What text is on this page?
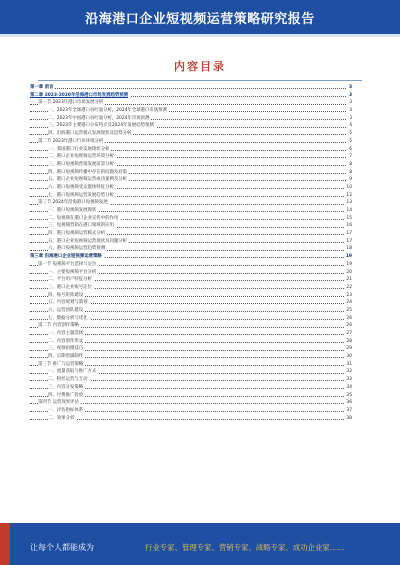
沿海港口企业短视频运营策略研究报告
内容目录
第一章 前言	3
第二章 2023-2028年沿海港口市场发展趋势预测	3
第一节 2023年港口市场发展分析	3
一、2023年全球港口吞吐量分析，2024年全球港口市场预测	3
二、2023年中国港口吞吐量分析，2024年市场预测	3
三、2023年主要港口分布特点及2024年发展趋势预测	4
四、沿海港口运营模式发展现状及趋势分析	5
第二节 2023年港口行业环境分析	5
一、我国港口行业发展现状分析	6
二、港口企业短视频运营环境分析	7
三、港口短视频营销发展前景分析	8
四、港口短视频传播中存在的问题及对策	8
五、港口企业短视频运营成功案例及分析	9
六、港口短视频受众群体特征分析	10
七、港口短视频运营发展趋势分析	12
第三节 2024年沿海港口短视频发展	13
一、港口短视频发展现状	14
二、短视频在港口企业宣传中的作用	15
三、短视频营销在港口领域的应用	16
四、港口短视频运营模式分析	17
五、港口企业短视频运营现状及问题分析	17
六、港口短视频运营趋势预测	18
第三章 沿海港口企业短视频运营策略	19
第一节 短视频平台选择与定位	19
一、主要短视频平台分析	20
二、平台用户特征分析	21
三、港口企业账号定位	22
四、账号矩阵建设	23
五、内容规划与策划	24
六、运营团队建设	25
七、数据分析与优化	26
第二节 内容创作策略	26
一、内容主题选择	27
二、内容创作形式	28
三、视频拍摄技巧	29
四、后期剪辑制作	30
第三节 推广与运营策略	31
一、流量获取与推广方式	32
二、粉丝运营与互动	33
三、内容分发策略	34
四、付费推广投放	35
第四节 运营效果评估	36
一、评估指标体系	37
二、效果分析	38
让每个人都能成为	行业专家、管理专家、营销专家、战略专家、成功企业家……
